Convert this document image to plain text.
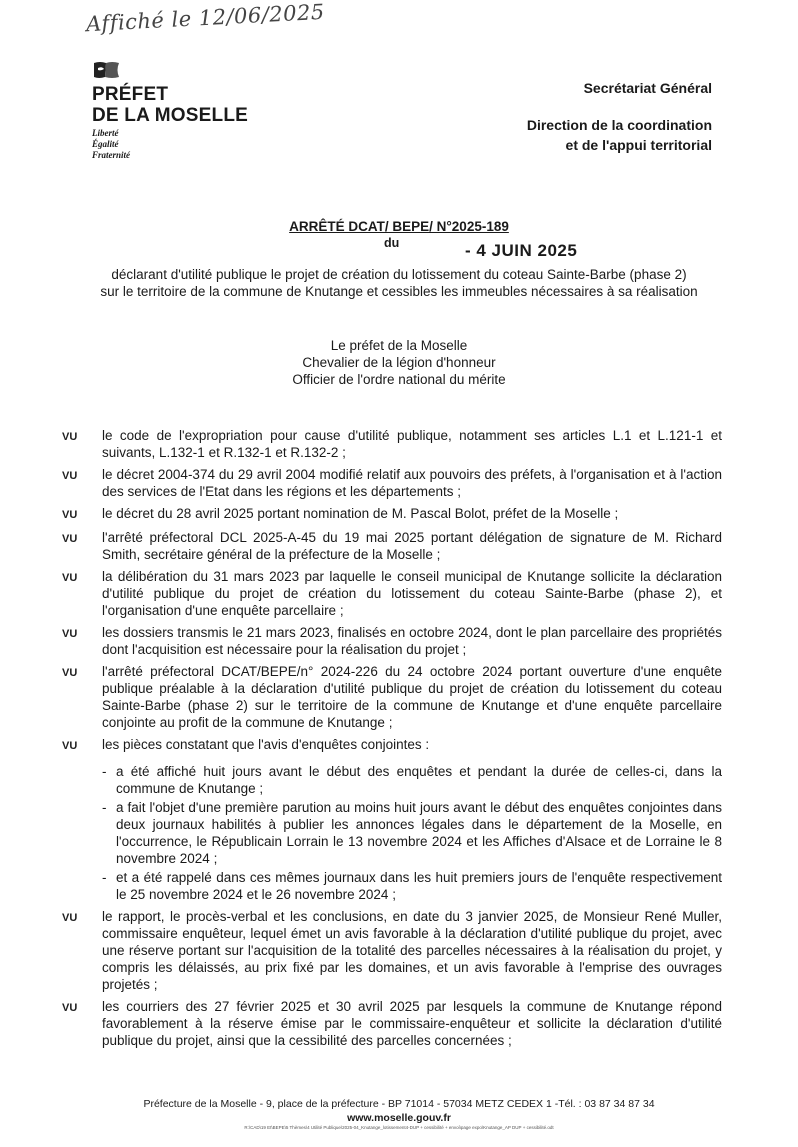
Affiché le 12/06/2025
PRÉFET
DE LA MOSELLE
Liberté
Égalité
Fraternité
Secrétariat Général
Direction de la coordination
et de l'appui territorial
ARRÊTÉ DCAT/ BEPE/ N°2025-189
du	- 4 JUIN 2025
déclarant d'utilité publique le projet de création du lotissement du coteau Sainte-Barbe (phase 2)
sur le territoire de la commune de Knutange et cessibles les immeubles nécessaires à sa réalisation
Le préfet de la Moselle
Chevalier de la légion d'honneur
Officier de l'ordre national du mérite
VU	le code de l'expropriation pour cause d'utilité publique, notamment ses articles L.1 et L.121-1 et suivants, L.132-1 et R.132-1 et R.132-2 ;
VU	le décret 2004-374 du 29 avril 2004 modifié relatif aux pouvoirs des préfets, à l'organisation et à l'action des services de l'Etat dans les régions et les départements ;
VU	le décret du 28 avril 2025 portant nomination de M. Pascal Bolot, préfet de la Moselle ;
VU	l'arrêté préfectoral DCL 2025-A-45 du 19 mai 2025 portant délégation de signature de M. Richard Smith, secrétaire général de la préfecture de la Moselle ;
VU	la délibération du 31 mars 2023 par laquelle le conseil municipal de Knutange sollicite la déclaration d'utilité publique du projet de création du lotissement du coteau Sainte-Barbe (phase 2), et l'organisation d'une enquête parcellaire ;
VU	les dossiers transmis le 21 mars 2023, finalisés en octobre 2024, dont le plan parcellaire des propriétés dont l'acquisition est nécessaire pour la réalisation du projet ;
VU	l'arrêté préfectoral DCAT/BEPE/n° 2024-226 du 24 octobre 2024 portant ouverture d'une enquête publique préalable à la déclaration d'utilité publique du projet de création du lotissement du coteau Sainte-Barbe (phase 2) sur le territoire de la commune de Knutange et d'une enquête parcellaire conjointe au profit de la commune de Knutange ;
VU	les pièces constatant que l'avis d'enquêtes conjointes :
- a été affiché huit jours avant le début des enquêtes et pendant la durée de celles-ci, dans la commune de Knutange ;
- a fait l'objet d'une première parution au moins huit jours avant le début des enquêtes conjointes dans deux journaux habilités à publier les annonces légales dans le département de la Moselle, en l'occurrence, le Républicain Lorrain le 13 novembre 2024 et les Affiches d'Alsace et de Lorraine le 8 novembre 2024 ;
- et a été rappelé dans ces mêmes journaux dans les huit premiers jours de l'enquête respectivement le 25 novembre 2024 et le 26 novembre 2024 ;
VU	le rapport, le procès-verbal et les conclusions, en date du 3 janvier 2025, de Monsieur René Muller, commissaire enquêteur, lequel émet un avis favorable à la déclaration d'utilité publique du projet, avec une réserve portant sur l'acquisition de la totalité des parcelles nécessaires à la réalisation du projet, y compris les délaissés, au prix fixé par les domaines, et un avis favorable à l'emprise des ouvrages projetés ;
VU	les courriers des 27 février 2025 et 30 avril 2025 par lesquels la commune de Knutange répond favorablement à la réserve émise par le commissaire-enquêteur et sollicite la déclaration d'utilité publique du projet, ainsi que la cessibilité des parcelles concernées ;
Préfecture de la Moselle - 9, place de la préfecture - BP 71014 - 57034 METZ CEDEX 1 -Tél. : 03 87 34 87 34
www.moselle.gouv.fr
R:\CAD\19 Et\BEPE\5 Thèmes\4 Utilité Publique\2025-04_Knutange_lotissement4-DUP + cessibilité + envoi\page expo\Knutange_AP DUP + cessibilité.odt
